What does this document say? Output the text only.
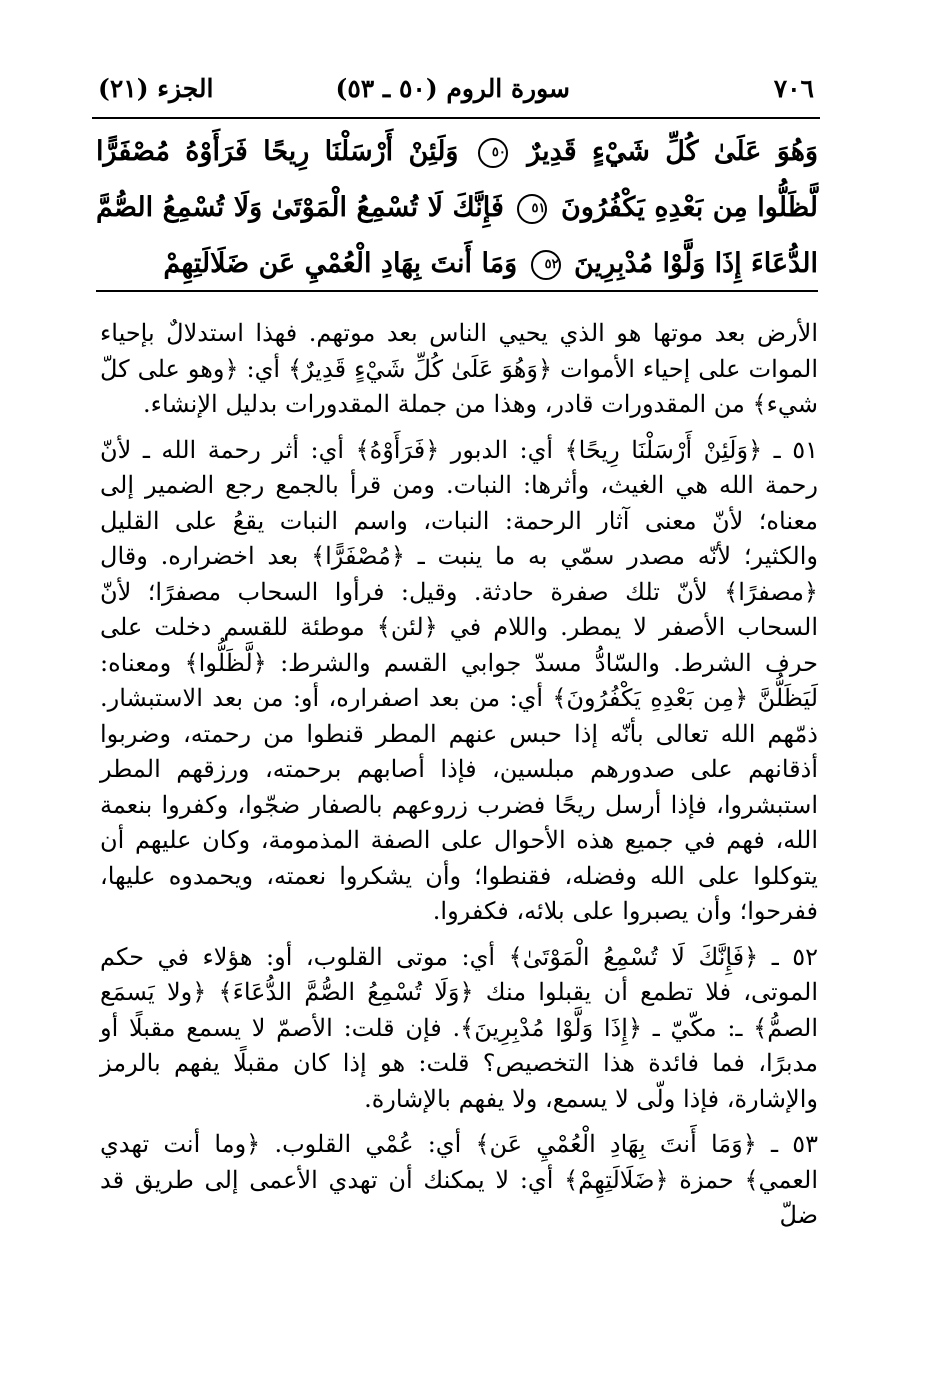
٧٠٦
سورة الروم (٥٠ ـ ٥٣)
الجزء (٢١)
وَهُوَ عَلَىٰ كُلِّ شَيْءٍ قَدِيرٌ ٥٠ وَلَئِنْ أَرْسَلْنَا رِيحًا فَرَأَوْهُ مُصْفَرًّا لَّظَلُّوا مِن بَعْدِهِ يَكْفُرُونَ ٥١ فَإِنَّكَ لَا تُسْمِعُ الْمَوْتَىٰ وَلَا تُسْمِعُ الصُّمَّ الدُّعَاءَ إِذَا وَلَّوْا مُدْبِرِينَ ٥٢ وَمَا أَنتَ بِهَادِ الْعُمْيِ عَن ضَلَالَتِهِمْ

الأرض بعد موتها هو الذي يحيي الناس بعد موتهم. فهذا استدلالٌ بإحياء الموات على إحياء الأموات ﴿وَهُوَ عَلَىٰ كُلِّ شَيْءٍ قَدِيرٌ﴾ أي: ﴿وهو على كلّ شيء﴾ من المقدورات قادر، وهذا من جملة المقدورات بدليل الإنشاء.

٥١ ـ ﴿وَلَئِنْ أَرْسَلْنَا رِيحًا﴾ أي: الدبور ﴿فَرَأَوْهُ﴾ أي: أثر رحمة الله ـ لأنّ رحمة الله هي الغيث، وأثرها: النبات. ومن قرأ بالجمع رجع الضمير إلى معناه؛ لأنّ معنى آثار الرحمة: النبات، واسم النبات يقعُ على القليل والكثير؛ لأنّه مصدر سمّي به ما ينبت ـ ﴿مُصْفَرًّا﴾ بعد اخضراره. وقال ﴿مصفرًا﴾ لأنّ تلك صفرة حادثة. وقيل: فرأوا السحاب مصفرًا؛ لأنّ السحاب الأصفر لا يمطر. واللام في ﴿لئن﴾ موطئة للقسم دخلت على حرف الشرط. والسّادُّ مسدّ جوابي القسم والشرط: ﴿لَّظَلُّوا﴾ ومعناه: لَيَظَلُّنَّ ﴿مِن بَعْدِهِ يَكْفُرُونَ﴾ أي: من بعد اصفراره، أو: من بعد الاستبشار. ذمّهم الله تعالى بأنّه إذا حبس عنهم المطر قنطوا من رحمته، وضربوا أذقانهم على صدورهم مبلسين، فإذا أصابهم برحمته، ورزقهم المطر استبشروا، فإذا أرسل ريحًا فضرب زروعهم بالصفار ضجّوا، وكفروا بنعمة الله، فهم في جميع هذه الأحوال على الصفة المذمومة، وكان عليهم أن يتوكلوا على الله وفضله، فقنطوا؛ وأن يشكروا نعمته، ويحمدوه عليها، ففرحوا؛ وأن يصبروا على بلائه، فكفروا.

٥٢ ـ ﴿فَإِنَّكَ لَا تُسْمِعُ الْمَوْتَىٰ﴾ أي: موتى القلوب، أو: هؤلاء في حكم الموتى، فلا تطمع أن يقبلوا منك ﴿وَلَا تُسْمِعُ الصُّمَّ الدُّعَاءَ﴾ ﴿ولا يَسمَع الصمُّ﴾ ـ: مكّيّ ـ ﴿إِذَا وَلَّوْا مُدْبِرِينَ﴾. فإن قلت: الأصمّ لا يسمع مقبلًا أو مدبرًا، فما فائدة هذا التخصيص؟ قلت: هو إذا كان مقبلًا يفهم بالرمز والإشارة، فإذا ولّى لا يسمع، ولا يفهم بالإشارة.

٥٣ ـ ﴿وَمَا أَنتَ بِهَادِ الْعُمْيِ عَن﴾ أي: عُمْي القلوب. ﴿وما أنت تهدي العمي﴾ حمزة ﴿ضَلَالَتِهِمْ﴾ أي: لا يمكنك أن تهدي الأعمى إلى طريق قد ضلّ
